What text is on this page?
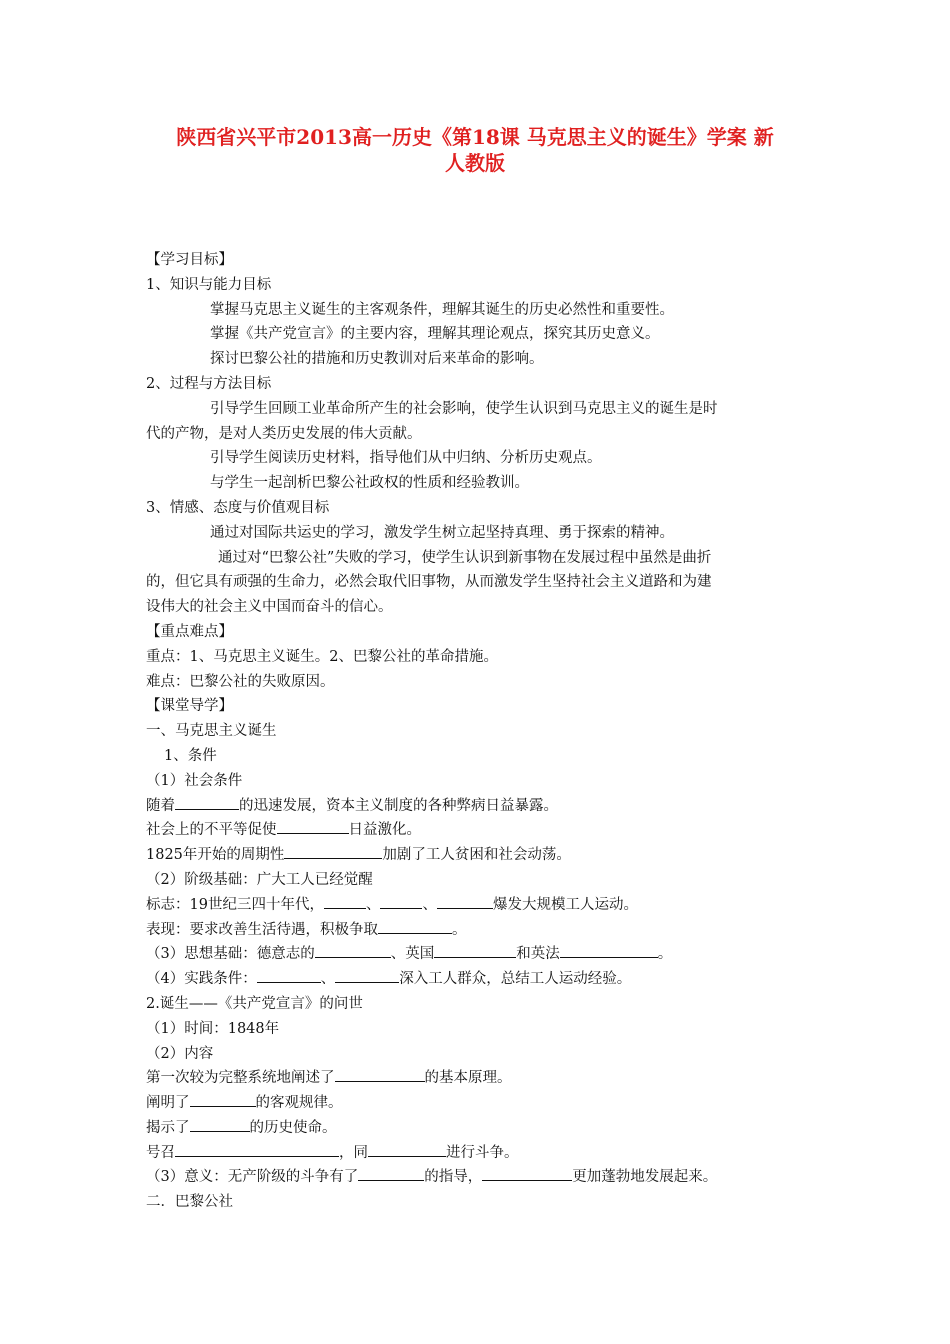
陕西省兴平市2013高一历史《第18课 马克思主义的诞生》学案 新
人教版
【学习目标】
1、知识与能力目标
掌握马克思主义诞生的主客观条件，理解其诞生的历史必然性和重要性。
掌握《共产党宣言》的主要内容，理解其理论观点，探究其历史意义。
探讨巴黎公社的措施和历史教训对后来革命的影响。
2、过程与方法目标
引导学生回顾工业革命所产生的社会影响，使学生认识到马克思主义的诞生是时
代的产物，是对人类历史发展的伟大贡献。
引导学生阅读历史材料，指导他们从中归纳、分析历史观点。
与学生一起剖析巴黎公社政权的性质和经验教训。
3、情感、态度与价值观目标
通过对国际共运史的学习，激发学生树立起坚持真理、勇于探索的精神。
通过对“巴黎公社”失败的学习，使学生认识到新事物在发展过程中虽然是曲折
的，但它具有顽强的生命力，必然会取代旧事物，从而激发学生坚持社会主义道路和为建
设伟大的社会主义中国而奋斗的信心。
【重点难点】
重点：1、马克思主义诞生。2、巴黎公社的革命措施。
难点：巴黎公社的失败原因。
【课堂导学】
一、马克思主义诞生
1、条件
（1）社会条件
随着	的迅速发展，资本主义制度的各种弊病日益暴露。
社会上的不平等促使	日益激化。
1825年开始的周期性	加剧了工人贫困和社会动荡。
（2）阶级基础：广大工人已经觉醒
标志：19世纪三四十年代，	、	、	爆发大规模工人运动。
表现：要求改善生活待遇，积极争取	。
（3）思想基础：德意志的	、英国	和英法	。
（4）实践条件：	、	深入工人群众，总结工人运动经验。
2.诞生——《共产党宣言》的问世
（1）时间：1848年
（2）内容
第一次较为完整系统地阐述了	的基本原理。
阐明了	的客观规律。
揭示了	的历史使命。
号召	，同	进行斗争。
（3）意义：无产阶级的斗争有了	的指导，	更加蓬勃地发展起来。
二．巴黎公社
